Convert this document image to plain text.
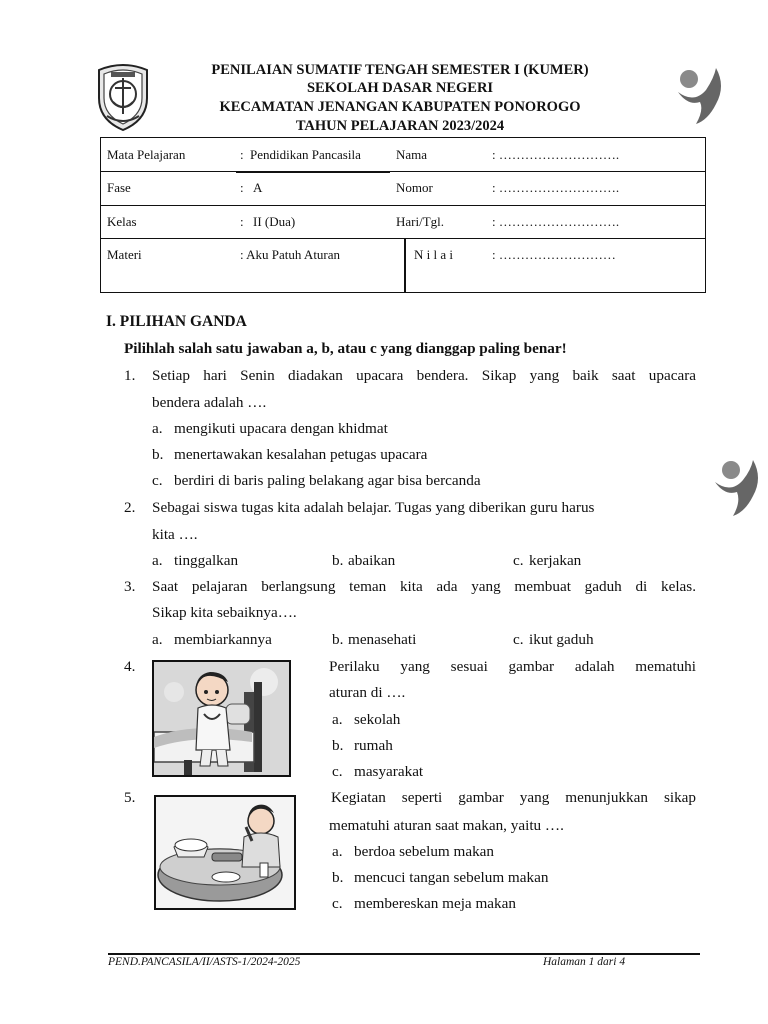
PENILAIAN SUMATIF TENGAH SEMESTER I (KUMER)
SEKOLAH DASAR NEGERI
KECAMATAN JENANGAN KABUPATEN PONOROGO
TAHUN PELAJARAN 2023/2024
Mata Pelajaran	: Pendidikan Pancasila	Nama	: ……………………….
Fase	: A	Nomor	: ……………………….
Kelas	: II (Dua)	Hari/Tgl.	: ……………………….
Materi	: Aku Patuh Aturan	N i l a i	: ………………………
I. PILIHAN GANDA
Pilihlah salah satu jawaban a, b, atau c yang dianggap paling benar!
1. Setiap hari Senin diadakan upacara bendera. Sikap yang baik saat upacara
bendera adalah ….
a. mengikuti upacara dengan khidmat
b. menertawakan kesalahan petugas upacara
c. berdiri di baris paling belakang agar bisa bercanda
2. Sebagai siswa tugas kita adalah belajar. Tugas yang diberikan guru harus
kita ….
a. tinggalkan	b. abaikan	c. kerjakan
3. Saat pelajaran berlangsung teman kita ada yang membuat gaduh di kelas.
Sikap kita sebaiknya….
a. membiarkannya	b. menasehati	c. ikut gaduh
4.	Perilaku yang sesuai gambar adalah mematuhi
aturan di ….
a. sekolah
b. rumah
c. masyarakat
5.	Kegiatan seperti gambar yang menunjukkan sikap
mematuhi aturan saat makan, yaitu ….
a. berdoa sebelum makan
b. mencuci tangan sebelum makan
c. membereskan meja makan
PEND.PANCASILA/II/ASTS-1/2024-2025	Halaman 1 dari 4
